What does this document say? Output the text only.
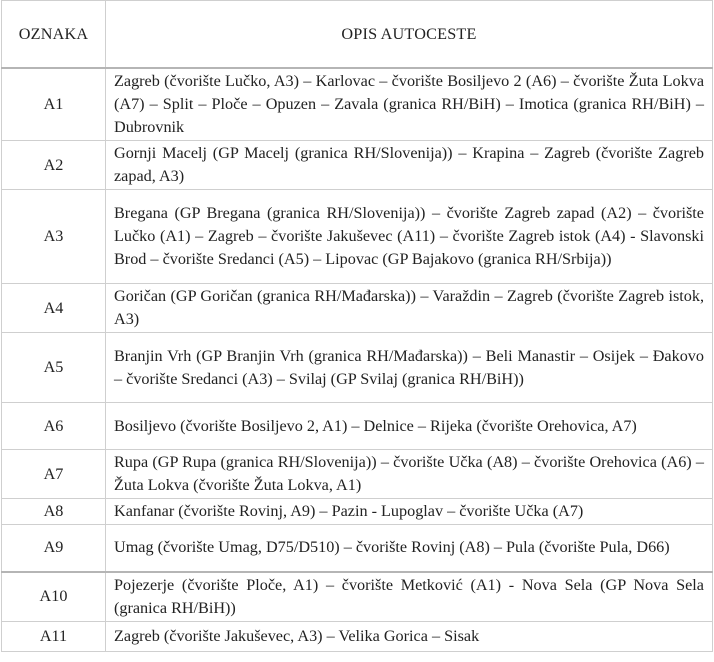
OZNAKA	OPIS AUTOCESTE
A1	Zagreb (čvorište Lučko, A3) – Karlovac – čvorište Bosiljevo 2 (A6) – čvorište Žuta Lokva (A7) – Split – Ploče – Opuzen – Zavala (granica RH/BiH) – Imotica (granica RH/BiH) – Dubrovnik
A2	Gornji Macelj (GP Macelj (granica RH/Slovenija)) – Krapina – Zagreb (čvorište Zagreb zapad, A3)
A3	Bregana (GP Bregana (granica RH/Slovenija)) – čvorište Zagreb zapad (A2) – čvorište Lučko (A1) – Zagreb – čvorište Jakuševec (A11) – čvorište Zagreb istok (A4) - Slavonski Brod – čvorište Sredanci (A5) – Lipovac (GP Bajakovo (granica RH/Srbija))
A4	Goričan (GP Goričan (granica RH/Mađarska)) – Varaždin – Zagreb (čvorište Zagreb istok, A3)
A5	Branjin Vrh (GP Branjin Vrh (granica RH/Mađarska)) – Beli Manastir – Osijek – Đakovo – čvorište Sredanci (A3) – Svilaj (GP Svilaj (granica RH/BiH))
A6	Bosiljevo (čvorište Bosiljevo 2, A1) – Delnice – Rijeka (čvorište Orehovica, A7)
A7	Rupa (GP Rupa (granica RH/Slovenija)) – čvorište Učka (A8) – čvorište Orehovica (A6) – Žuta Lokva (čvorište Žuta Lokva, A1)
A8	Kanfanar (čvorište Rovinj, A9) – Pazin - Lupoglav – čvorište Učka (A7)
A9	Umag (čvorište Umag, D75/D510) – čvorište Rovinj (A8) – Pula (čvorište Pula, D66)
A10	Pojezerje (čvorište Ploče, A1) – čvorište Metković (A1) - Nova Sela (GP Nova Sela (granica RH/BiH))
A11	Zagreb (čvorište Jakuševec, A3) – Velika Gorica – Sisak
